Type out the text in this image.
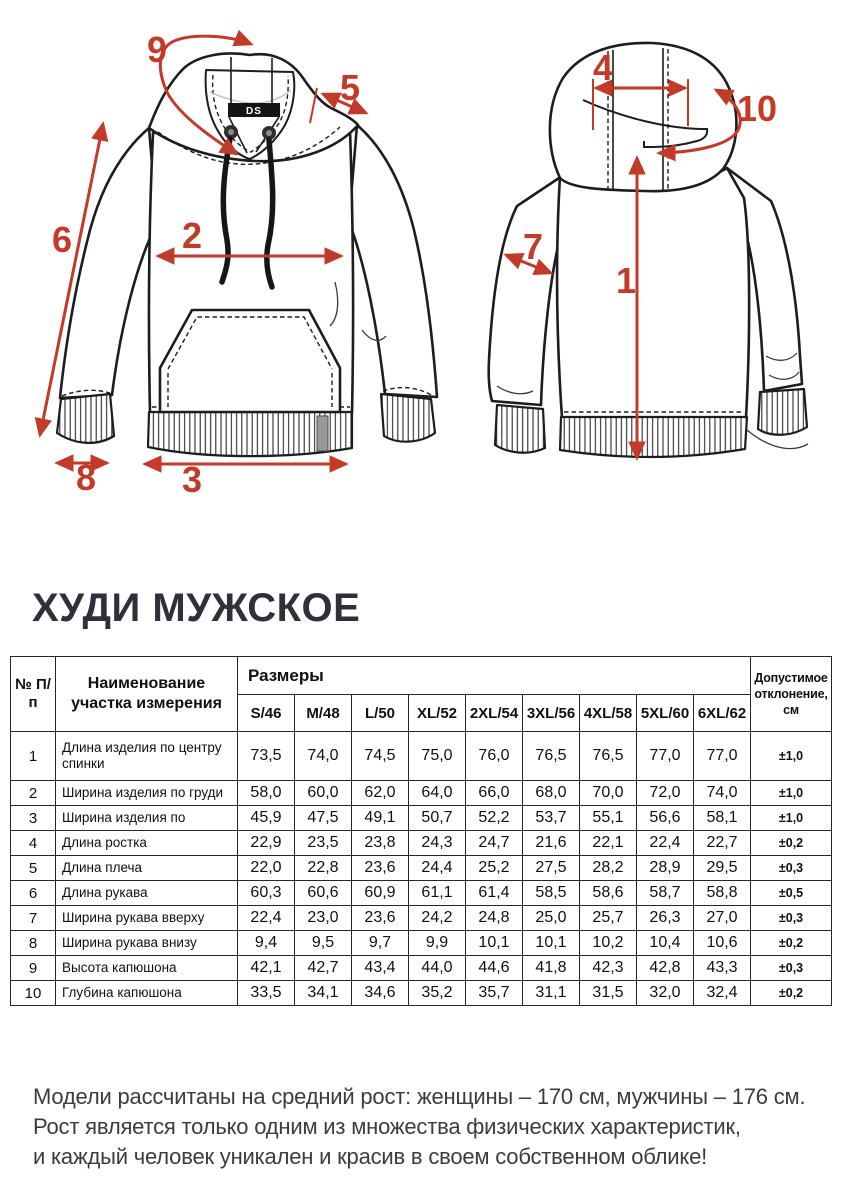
DS
9
5
6	2
8 3
4
10
7
1
ХУДИ МУЖСКОЕ
№ П/п	Наименование участка измерения	Размеры									Допустимое отклонение, см
		S/46	M/48	L/50	XL/52	2XL/54	3XL/56	4XL/58	5XL/60	6XL/62	
1	Длина изделия по центру спинки	73,5	74,0	74,5	75,0	76,0	76,5	76,5	77,0	77,0	±1,0
2	Ширина изделия по груди	58,0	60,0	62,0	64,0	66,0	68,0	70,0	72,0	74,0	±1,0
3	Ширина изделия по	45,9	47,5	49,1	50,7	52,2	53,7	55,1	56,6	58,1	±1,0
4	Длина ростка	22,9	23,5	23,8	24,3	24,7	21,6	22,1	22,4	22,7	±0,2
5	Длина плеча	22,0	22,8	23,6	24,4	25,2	27,5	28,2	28,9	29,5	±0,3
6	Длина рукава	60,3	60,6	60,9	61,1	61,4	58,5	58,6	58,7	58,8	±0,5
7	Ширина рукава вверху	22,4	23,0	23,6	24,2	24,8	25,0	25,7	26,3	27,0	±0,3
8	Ширина рукава внизу	9,4	9,5	9,7	9,9	10,1	10,1	10,2	10,4	10,6	±0,2
9	Высота капюшона	42,1	42,7	43,4	44,0	44,6	41,8	42,3	42,8	43,3	±0,3
10	Глубина капюшона	33,5	34,1	34,6	35,2	35,7	31,1	31,5	32,0	32,4	±0,2
Модели рассчитаны на средний рост: женщины – 170 см, мужчины – 176 см.
Рост является только одним из множества физических характеристик,
и каждый человек уникален и красив в своем собственном облике!
